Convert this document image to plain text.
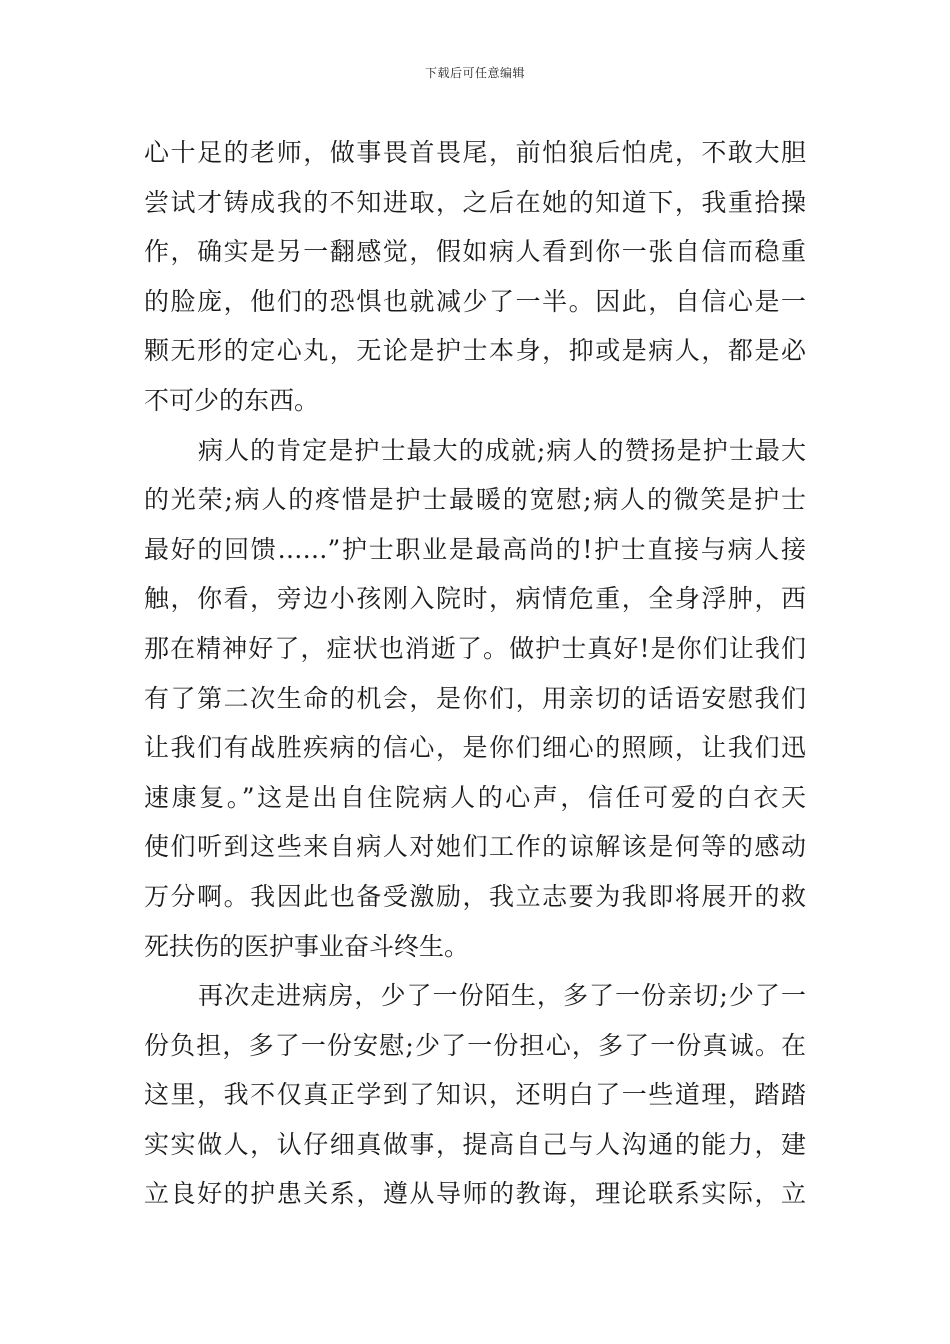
下载后可任意编辑
心十足的老师，做事畏首畏尾，前怕狼后怕虎，不敢大胆
尝试才铸成我的不知进取，之后在她的知道下，我重拾操
作，确实是另一翻感觉，假如病人看到你一张自信而稳重
的脸庞，他们的恐惧也就减少了一半。因此，自信心是一
颗无形的定心丸，无论是护士本身，抑或是病人，都是必
不可少的东西。
病人的肯定是护士最大的成就;病人的赞扬是护士最大
的光荣;病人的疼惜是护士最暖的宽慰;病人的微笑是护士
最好的回馈……”护士职业是最高尚的!护士直接与病人接
触，你看，旁边小孩刚入院时，病情危重，全身浮肿，西
那在精神好了，症状也消逝了。做护士真好!是你们让我们
有了第二次生命的机会，是你们，用亲切的话语安慰我们
让我们有战胜疾病的信心，是你们细心的照顾，让我们迅
速康复。”这是出自住院病人的心声，信任可爱的白衣天
使们听到这些来自病人对她们工作的谅解该是何等的感动
万分啊。我因此也备受激励，我立志要为我即将展开的救
死扶伤的医护事业奋斗终生。
再次走进病房，少了一份陌生，多了一份亲切;少了一
份负担，多了一份安慰;少了一份担心，多了一份真诚。在
这里，我不仅真正学到了知识，还明白了一些道理，踏踏
实实做人，认仔细真做事，提高自己与人沟通的能力，建
立良好的护患关系，遵从导师的教诲，理论联系实际，立
